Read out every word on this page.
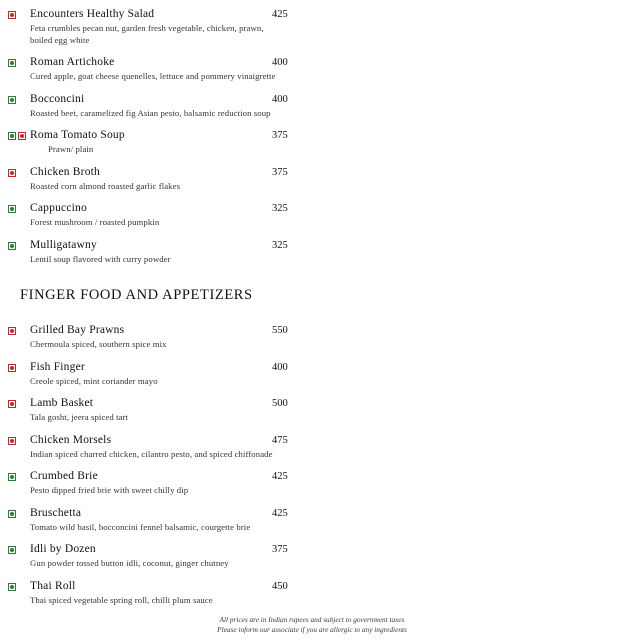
Encounters Healthy Salad	425
Feta crumbles pecan nut, garden fresh vegetable, chicken, prawn, boiled egg white
Roman Artichoke	400
Cured apple, goat cheese quenelles, lettuce and pommery vinaigrette
Bocconcini	400
Roasted beet, caramelized fig Asian pesto, balsamic reduction soup
Roma Tomato Soup	375
Prawn/ plain
Chicken Broth	375
Roasted corn almond roasted garlic flakes
Cappuccino	325
Forest mushroom / roasted pumpkin
Mulligatawny	325
Lentil soup flavored with curry powder
FINGER FOOD AND APPETIZERS
Grilled Bay Prawns	550
Chermoula spiced, southern spice mix
Fish Finger	400
Creole spiced, mint coriander mayo
Lamb Basket	500
Tala gosht, jeera spiced tart
Chicken Morsels	475
Indian spiced charred chicken, cilantro pesto, and spiced chiffonade
Crumbed Brie	425
Pesto dipped fried brie with sweet chilly dip
Bruschetta	425
Tomato wild basil, bocconcini fennel balsamic, courgette brie
Idli by Dozen	375
Gun powder tossed button idli, coconut, ginger chutney
Thai Roll	450
Thai spiced vegetable spring roll, chilli plum sauce
All prices are in Indian rupees and subject to government taxes
Please inform our associate if you are allergic to any ingredients
